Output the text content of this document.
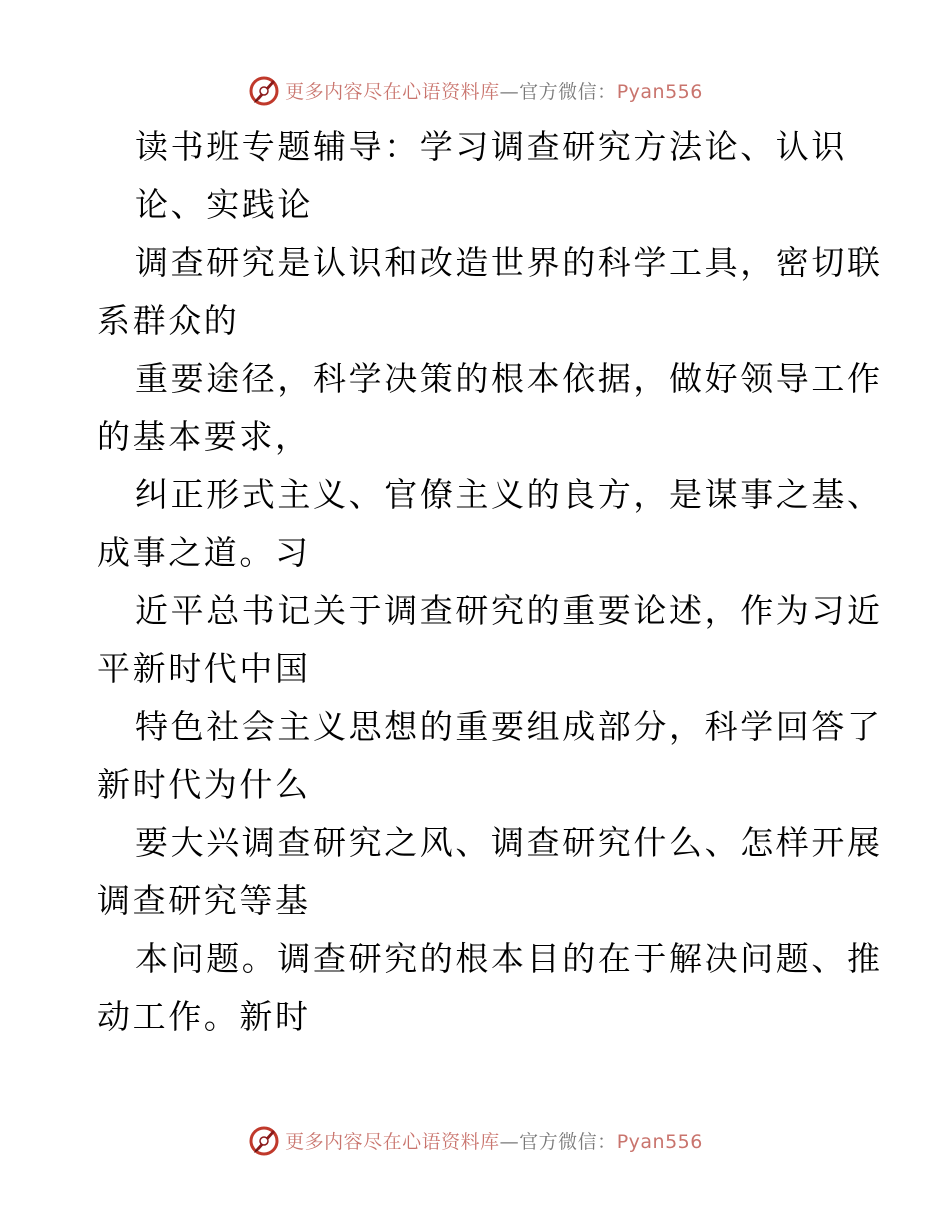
更多内容尽在心语资料库—官方微信：Pyan556
读书班专题辅导：学习调查研究方法论、认识
论、实践论
调查研究是认识和改造世界的科学工具，密切联
系群众的
重要途径，科学决策的根本依据，做好领导工作
的基本要求，
纠正形式主义、官僚主义的良方，是谋事之基、
成事之道。习
近平总书记关于调查研究的重要论述，作为习近
平新时代中国
特色社会主义思想的重要组成部分，科学回答了
新时代为什么
要大兴调查研究之风、调查研究什么、怎样开展
调查研究等基
本问题。调查研究的根本目的在于解决问题、推
动工作。新时
更多内容尽在心语资料库—官方微信：Pyan556
